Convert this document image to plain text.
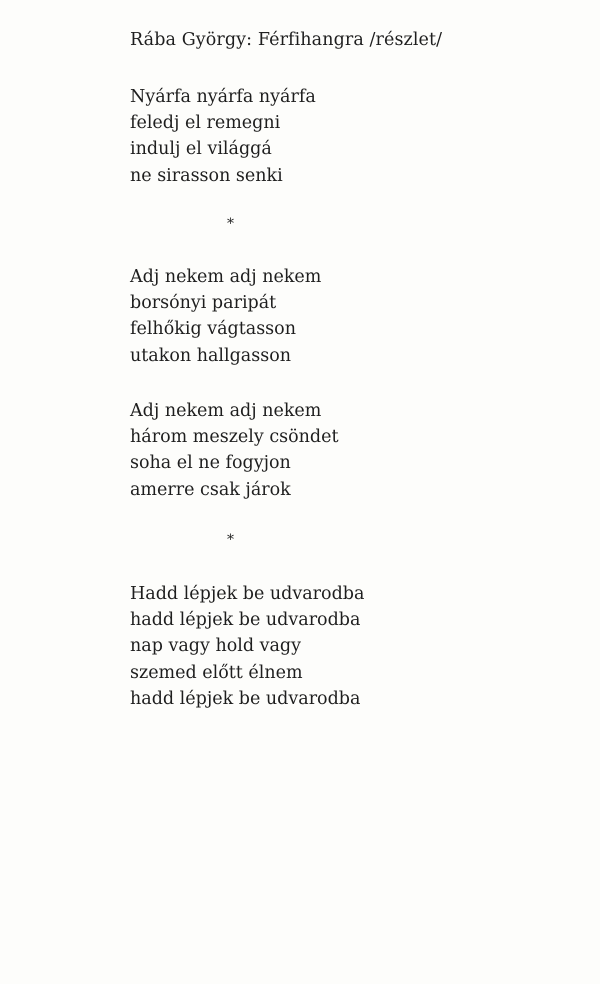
Rába György: Férfihangra /részlet/
Nyárfa nyárfa nyárfa
feledj el remegni
indulj el világgá
ne sirasson senki
*
Adj nekem adj nekem
borsónyi paripát
felhőkig vágtasson
utakon hallgasson
Adj nekem adj nekem
három meszely csöndet
soha el ne fogyjon
amerre csak járok
*
Hadd lépjek be udvarodba
hadd lépjek be udvarodba
nap vagy hold vagy
szemed előtt élnem
hadd lépjek be udvarodba
